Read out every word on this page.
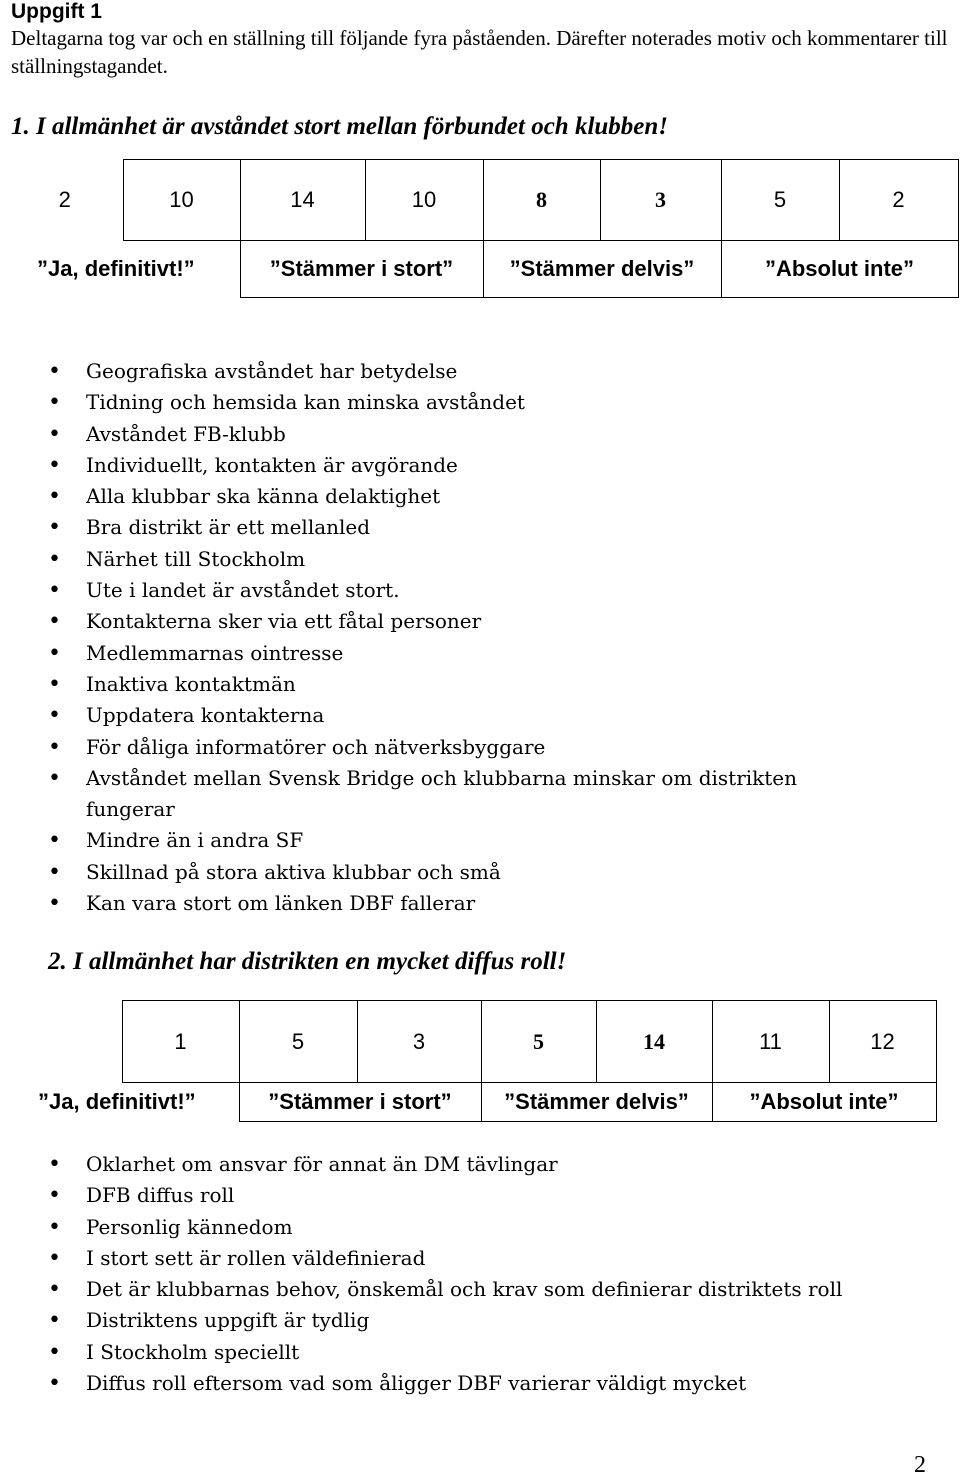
Uppgift 1
Deltagarna tog var och en ställning till följande fyra påståenden. Därefter noterades motiv och kommentarer till ställningstagandet.
1. I allmänhet är avståndet stort mellan förbundet och klubben!
2	10	14	10	8	3	5	2
”Ja, definitivt!”		”Stämmer i stort”		”Stämmer delvis”		”Absolut inte”	
• Geografiska avståndet har betydelse
• Tidning och hemsida kan minska avståndet
• Avståndet FB-klubb
• Individuellt, kontakten är avgörande
• Alla klubbar ska känna delaktighet
• Bra distrikt är ett mellanled
• Närhet till Stockholm
• Ute i landet är avståndet stort.
• Kontakterna sker via ett fåtal personer
• Medlemmarnas ointresse
• Inaktiva kontaktmän
• Uppdatera kontakterna
• För dåliga informatörer och nätverksbyggare
• Avståndet mellan Svensk Bridge och klubbarna minskar om distrikten fungerar
• Mindre än i andra SF
• Skillnad på stora aktiva klubbar och små
• Kan vara stort om länken DBF fallerar
2. I allmänhet har distrikten en mycket diffus roll!
	1	5	3	5	14	11	12
”Ja, definitivt!”		”Stämmer i stort”		”Stämmer delvis”		”Absolut inte”	
• Oklarhet om ansvar för annat än DM tävlingar
• DFB diffus roll
• Personlig kännedom
• I stort sett är rollen väldefinierad
• Det är klubbarnas behov, önskemål och krav som definierar distriktets roll
• Distriktens uppgift är tydlig
• I Stockholm speciellt
• Diffus roll eftersom vad som åligger DBF varierar väldigt mycket
2
